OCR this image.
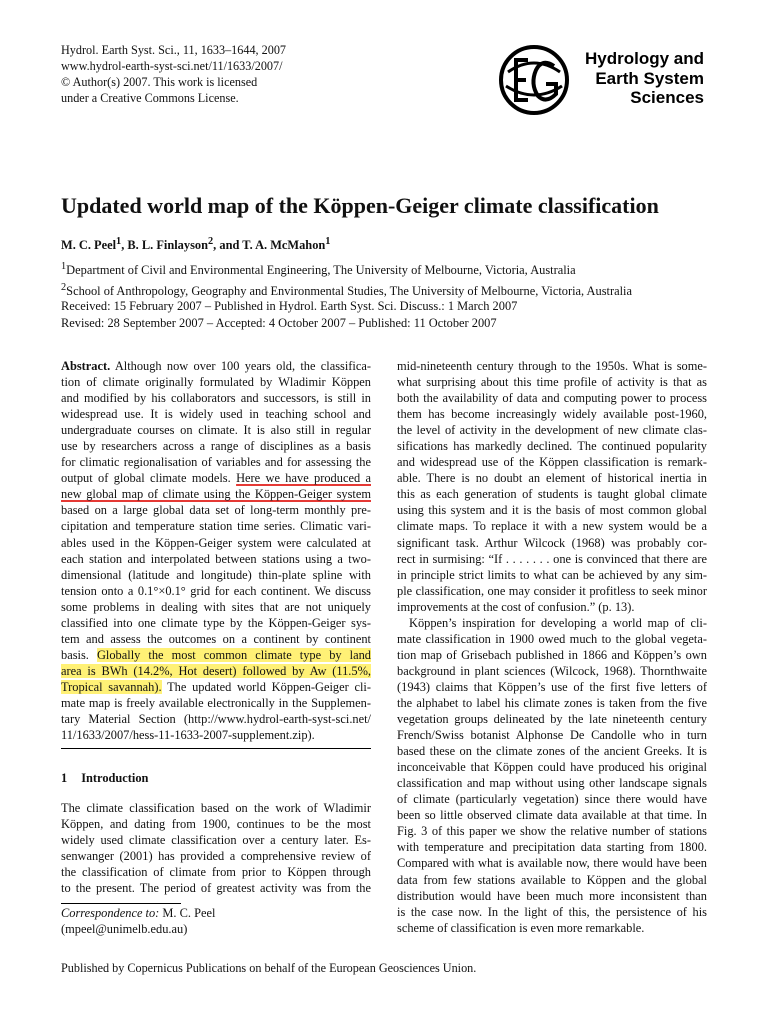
Hydrol. Earth Syst. Sci., 11, 1633–1644, 2007
www.hydrol-earth-syst-sci.net/11/1633/2007/
© Author(s) 2007. This work is licensed
under a Creative Commons License.
Hydrology and
Earth System
Sciences
Updated world map of the Köppen-Geiger climate classification
M. C. Peel$^1$, B. L. Finlayson$^2$, and T. A. McMahon$^1$
$^1$Department of Civil and Environmental Engineering, The University of Melbourne, Victoria, Australia
$^2$School of Anthropology, Geography and Environmental Studies, The University of Melbourne, Victoria, Australia
Received: 15 February 2007 – Published in Hydrol. Earth Syst. Sci. Discuss.: 1 March 2007
Revised: 28 September 2007 – Accepted: 4 October 2007 – Published: 11 October 2007
Abstract. Although now over 100 years old, the classifica-
tion of climate originally formulated by Wladimir Köppen
and modified by his collaborators and successors, is still in
widespread use. It is widely used in teaching school and
undergraduate courses on climate. It is also still in regular
use by researchers across a range of disciplines as a basis
for climatic regionalisation of variables and for assessing the
output of global climate models. Here we have produced a
new global map of climate using the Köppen-Geiger system
based on a large global data set of long-term monthly pre-
cipitation and temperature station time series. Climatic vari-
ables used in the Köppen-Geiger system were calculated at
each station and interpolated between stations using a two-
dimensional (latitude and longitude) thin-plate spline with
tension onto a 0.1°×0.1° grid for each continent. We discuss
some problems in dealing with sites that are not uniquely
classified into one climate type by the Köppen-Geiger sys-
tem and assess the outcomes on a continent by continent
basis. Globally the most common climate type by land
area is BWh (14.2%, Hot desert) followed by Aw (11.5%,
Tropical savannah). The updated world Köppen-Geiger cli-
mate map is freely available electronically in the Supplemen-
tary Material Section (http://www.hydrol-earth-syst-sci.net/
11/1633/2007/hess-11-1633-2007-supplement.zip).
1 Introduction
The climate classification based on the work of Wladimir
Köppen, and dating from 1900, continues to be the most
widely used climate classification over a century later. Es-
senwanger (2001) has provided a comprehensive review of
the classification of climate from prior to Köppen through
to the present. The period of greatest activity was from the
Correspondence to: M. C. Peel
(mpeel@unimelb.edu.au)
mid-nineteenth century through to the 1950s. What is some-
what surprising about this time profile of activity is that as
both the availability of data and computing power to process
them has become increasingly widely available post-1960,
the level of activity in the development of new climate clas-
sifications has markedly declined. The continued popularity
and widespread use of the Köppen classification is remark-
able. There is no doubt an element of historical inertia in
this as each generation of students is taught global climate
using this system and it is the basis of most common global
climate maps. To replace it with a new system would be a
significant task. Arthur Wilcock (1968) was probably cor-
rect in surmising: “If . . . . . . . one is convinced that there are
in principle strict limits to what can be achieved by any sim-
ple classification, one may consider it profitless to seek minor
improvements at the cost of confusion.” (p. 13).
Köppen’s inspiration for developing a world map of cli-
mate classification in 1900 owed much to the global vegeta-
tion map of Grisebach published in 1866 and Köppen’s own
background in plant sciences (Wilcock, 1968). Thornthwaite
(1943) claims that Köppen’s use of the first five letters of
the alphabet to label his climate zones is taken from the five
vegetation groups delineated by the late nineteenth century
French/Swiss botanist Alphonse De Candolle who in turn
based these on the climate zones of the ancient Greeks. It is
inconceivable that Köppen could have produced his original
classification and map without using other landscape signals
of climate (particularly vegetation) since there would have
been so little observed climate data available at that time. In
Fig. 3 of this paper we show the relative number of stations
with temperature and precipitation data starting from 1800.
Compared with what is available now, there would have been
data from few stations available to Köppen and the global
distribution would have been much more inconsistent than
is the case now. In the light of this, the persistence of his
scheme of classification is even more remarkable.
Published by Copernicus Publications on behalf of the European Geosciences Union.
